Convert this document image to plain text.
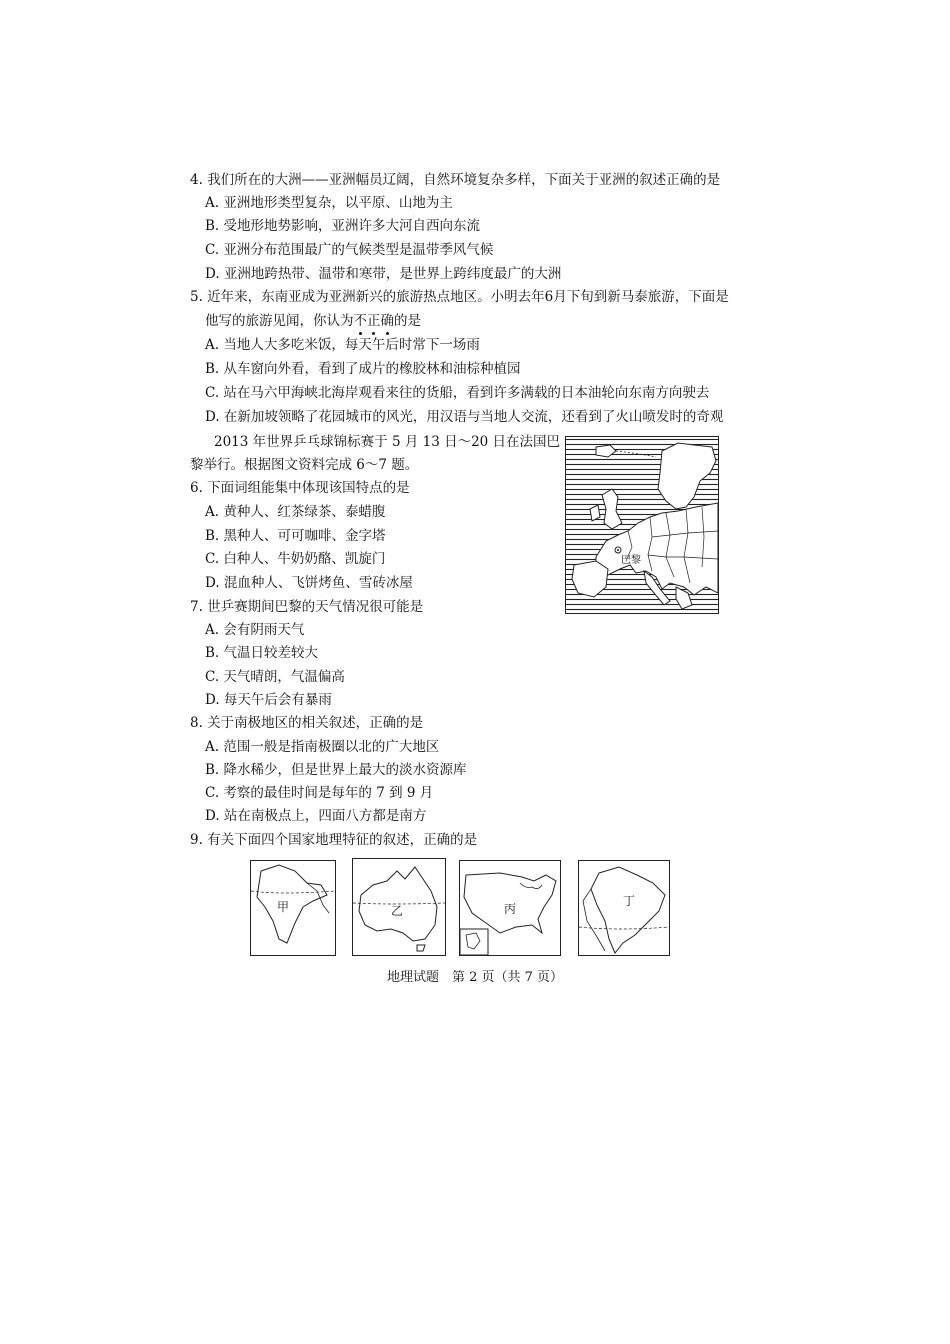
4. 我们所在的大洲——亚洲幅员辽阔，自然环境复杂多样，下面关于亚洲的叙述正确的是
A. 亚洲地形类型复杂，以平原、山地为主
B. 受地形地势影响，亚洲许多大河自西向东流
C. 亚洲分布范围最广的气候类型是温带季风气候
D. 亚洲地跨热带、温带和寒带，是世界上跨纬度最广的大洲
5. 近年来，东南亚成为亚洲新兴的旅游热点地区。小明去年6月下旬到新马泰旅游，下面是
他写的旅游见闻，你认为不正确的是
A. 当地人大多吃米饭，每天午后时常下一场雨
B. 从车窗向外看，看到了成片的橡胶林和油棕种植园
C. 站在马六甲海峡北海岸观看来往的货船，看到许多满载的日本油轮向东南方向驶去
D. 在新加坡领略了花园城市的风光，用汉语与当地人交流，还看到了火山喷发时的奇观
2013 年世界乒乓球锦标赛于 5 月 13 日～20 日在法国巴
黎举行。根据图文资料完成 6～7 题。
6. 下面词组能集中体现该国特点的是
A. 黄种人、红茶绿茶、泰蜡腹
B. 黑种人、可可咖啡、金字塔
C. 白种人、牛奶奶酪、凯旋门
D. 混血种人、飞饼烤鱼、雪砖冰屋
7. 世乒赛期间巴黎的天气情况很可能是
A. 会有阴雨天气
B. 气温日较差较大
C. 天气晴朗，气温偏高
D. 每天午后会有暴雨
8. 关于南极地区的相关叙述，正确的是
A. 范围一般是指南极圈以北的广大地区
B. 降水稀少，但是世界上最大的淡水资源库
C. 考察的最佳时间是每年的 7 到 9 月
D. 站在南极点上，四面八方都是南方
9. 有关下面四个国家地理特征的叙述，正确的是
巴黎
甲	乙	丙
丁
地理试题　第 2 页（共 7 页）
